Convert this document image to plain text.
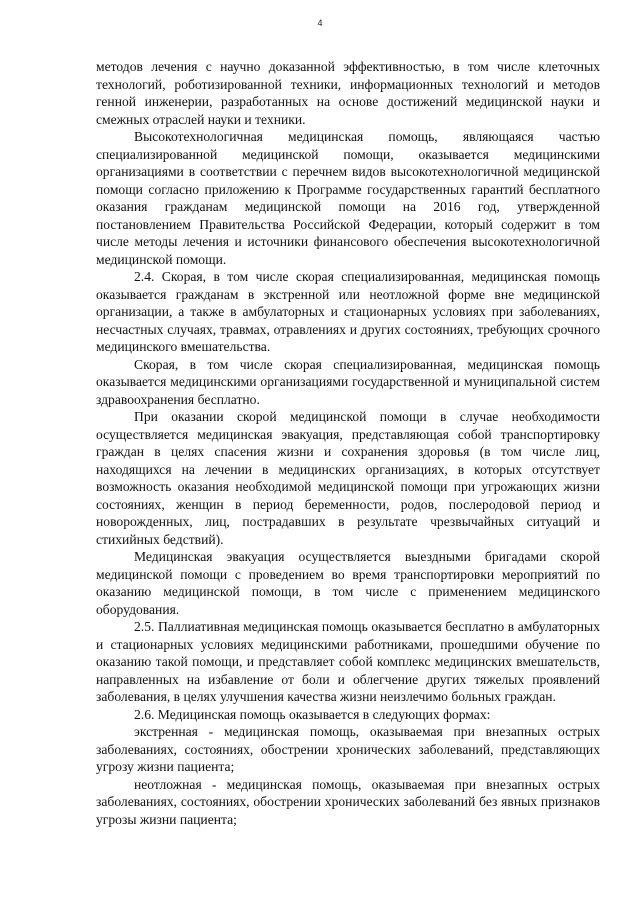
4

методов лечения с научно доказанной эффективностью, в том числе клеточных технологий, роботизированной техники, информационных технологий и методов генной инженерии, разработанных на основе достижений медицинской науки и смежных отраслей науки и техники.

Высокотехнологичная медицинская помощь, являющаяся частью специализированной медицинской помощи, оказывается медицинскими организациями в соответствии с перечнем видов высокотехнологичной медицинской помощи согласно приложению к Программе государственных гарантий бесплатного оказания гражданам медицинской помощи на 2016 год, утвержденной постановлением Правительства Российской Федерации, который содержит в том числе методы лечения и источники финансового обеспечения высокотехнологичной медицинской помощи.

2.4. Скорая, в том числе скорая специализированная, медицинская помощь оказывается гражданам в экстренной или неотложной форме вне медицинской организации, а также в амбулаторных и стационарных условиях при заболеваниях, несчастных случаях, травмах, отравлениях и других состояниях, требующих срочного медицинского вмешательства.

Скорая, в том числе скорая специализированная, медицинская помощь оказывается медицинскими организациями государственной и муниципальной систем здравоохранения бесплатно.

При оказании скорой медицинской помощи в случае необходимости осуществляется медицинская эвакуация, представляющая собой транспортировку граждан в целях спасения жизни и сохранения здоровья (в том числе лиц, находящихся на лечении в медицинских организациях, в которых отсутствует возможность оказания необходимой медицинской помощи при угрожающих жизни состояниях, женщин в период беременности, родов, послеродовой период и новорожденных, лиц, пострадавших в результате чрезвычайных ситуаций и стихийных бедствий).

Медицинская эвакуация осуществляется выездными бригадами скорой медицинской помощи с проведением во время транспортировки мероприятий по оказанию медицинской помощи, в том числе с применением медицинского оборудования.

2.5. Паллиативная медицинская помощь оказывается бесплатно в амбулаторных и стационарных условиях медицинскими работниками, прошедшими обучение по оказанию такой помощи, и представляет собой комплекс медицинских вмешательств, направленных на избавление от боли и облегчение других тяжелых проявлений заболевания, в целях улучшения качества жизни неизлечимо больных граждан.

2.6. Медицинская помощь оказывается в следующих формах:

экстренная - медицинская помощь, оказываемая при внезапных острых заболеваниях, состояниях, обострении хронических заболеваний, представляющих угрозу жизни пациента;

неотложная - медицинская помощь, оказываемая при внезапных острых заболеваниях, состояниях, обострении хронических заболеваний без явных признаков угрозы жизни пациента;
